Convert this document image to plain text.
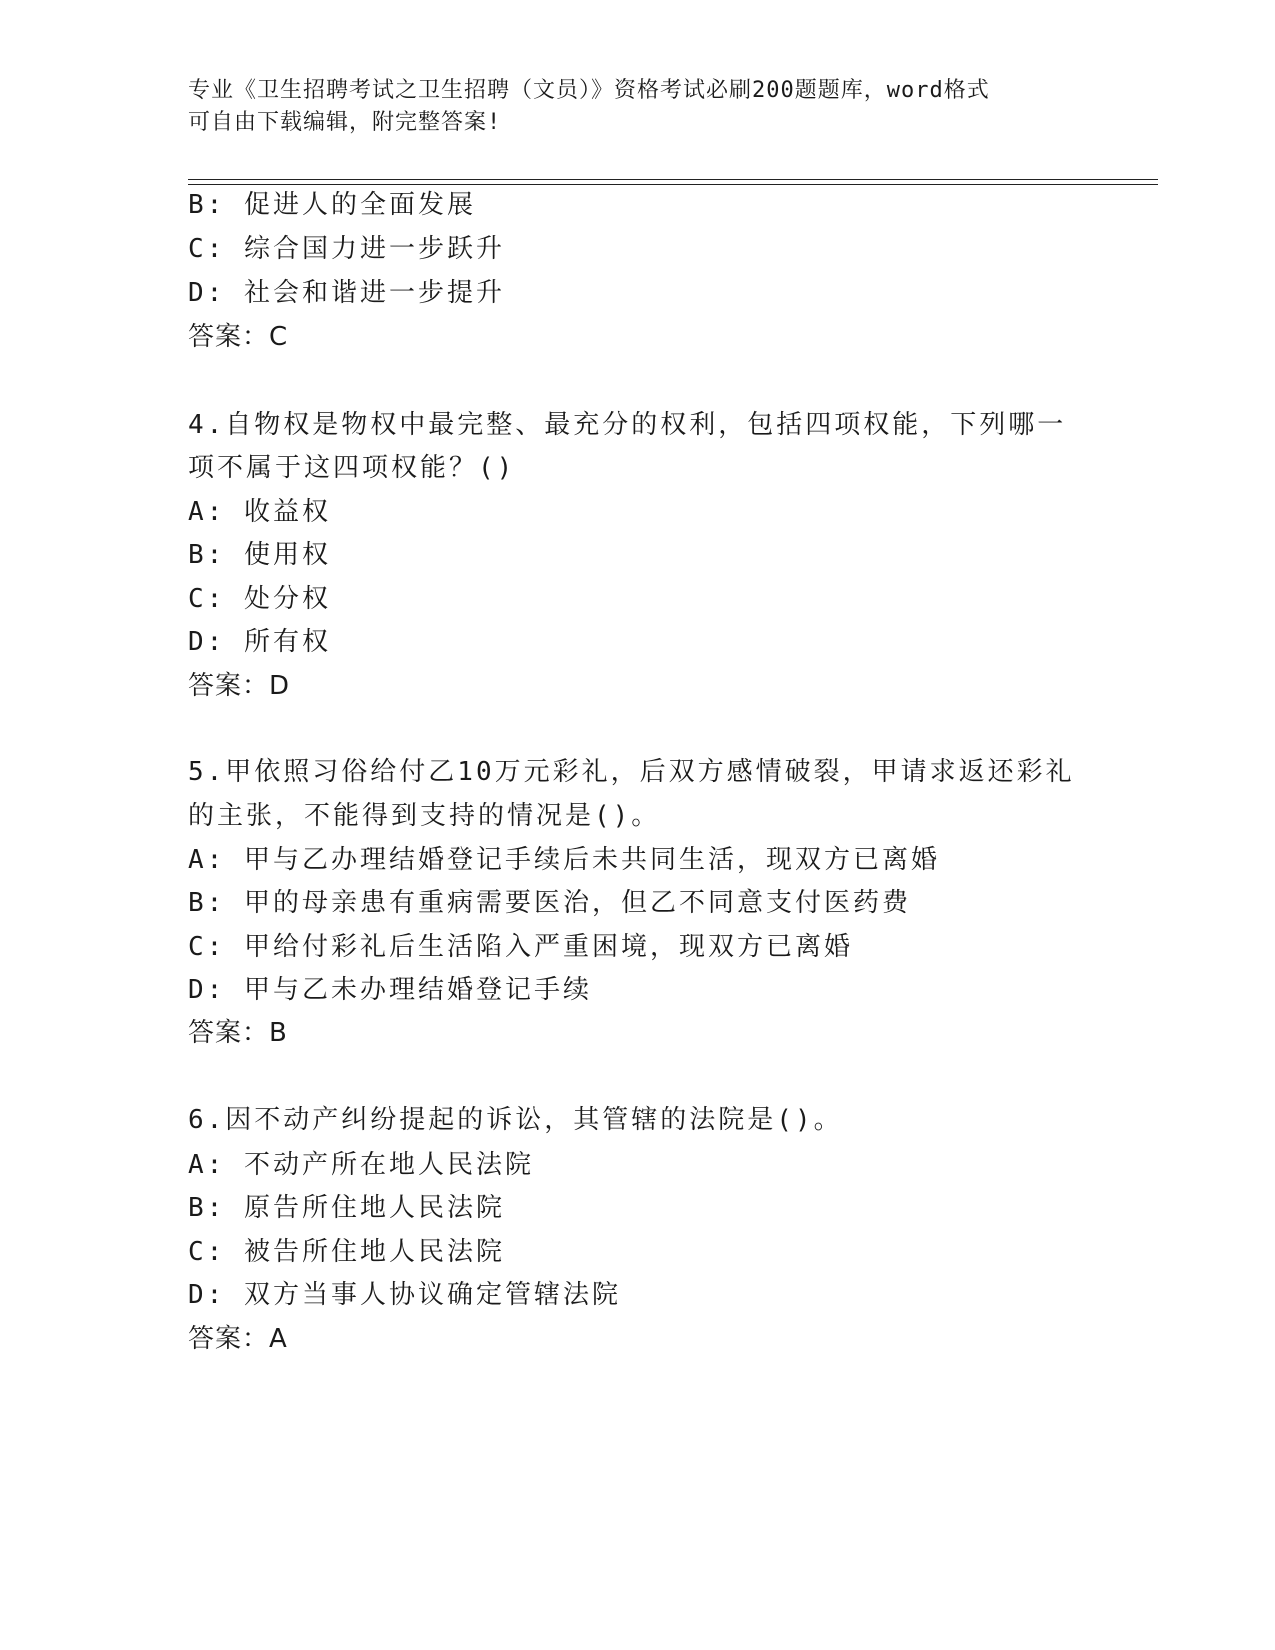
专业《卫生招聘考试之卫生招聘（文员）》资格考试必刷200题题库，word格式
可自由下载编辑，附完整答案!
B: 促进人的全面发展
C: 综合国力进一步跃升
D: 社会和谐进一步提升
答案：C
4.自物权是物权中最完整、最充分的权利，包括四项权能，下列哪一
项不属于这四项权能？()
A: 收益权
B: 使用权
C: 处分权
D: 所有权
答案：D
5.甲依照习俗给付乙10万元彩礼，后双方感情破裂，甲请求返还彩礼
的主张，不能得到支持的情况是()。
A: 甲与乙办理结婚登记手续后未共同生活，现双方已离婚
B: 甲的母亲患有重病需要医治，但乙不同意支付医药费
C: 甲给付彩礼后生活陷入严重困境，现双方已离婚
D: 甲与乙未办理结婚登记手续
答案：B
6.因不动产纠纷提起的诉讼，其管辖的法院是()。
A: 不动产所在地人民法院
B: 原告所住地人民法院
C: 被告所住地人民法院
D: 双方当事人协议确定管辖法院
答案：A
